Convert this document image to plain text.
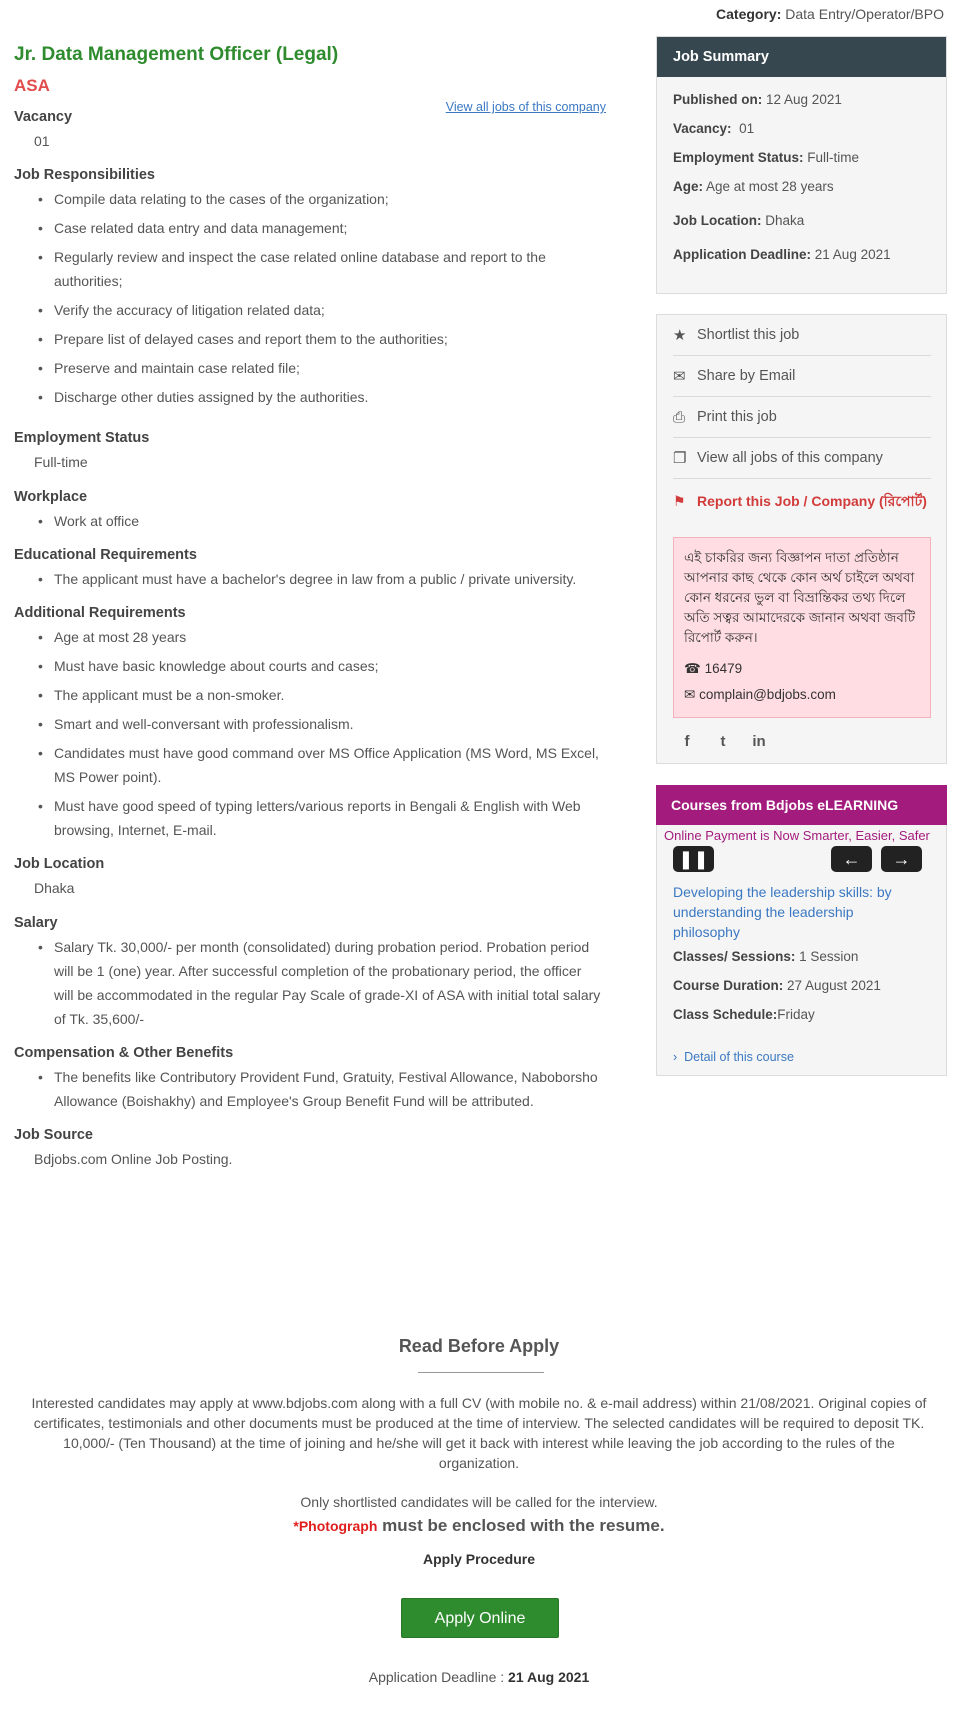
Category: Data Entry/Operator/BPO
Jr. Data Management Officer (Legal)
ASA
View all jobs of this company
Vacancy
01
Job Responsibilities
• Compile data relating to the cases of the organization;
• Case related data entry and data management;
• Regularly review and inspect the case related online database and report to the authorities;
• Verify the accuracy of litigation related data;
• Prepare list of delayed cases and report them to the authorities;
• Preserve and maintain case related file;
• Discharge other duties assigned by the authorities.
Employment Status
Full-time
Workplace
• Work at office
Educational Requirements
• The applicant must have a bachelor's degree in law from a public / private university.
Additional Requirements
• Age at most 28 years
• Must have basic knowledge about courts and cases;
• The applicant must be a non-smoker.
• Smart and well-conversant with professionalism.
• Candidates must have good command over MS Office Application (MS Word, MS Excel, MS Power point).
• Must have good speed of typing letters/various reports in Bengali & English with Web browsing, Internet, E-mail.
Job Location
Dhaka
Salary
• Salary Tk. 30,000/- per month (consolidated) during probation period. Probation period will be 1 (one) year. After successful completion of the probationary period, the officer will be accommodated in the regular Pay Scale of grade-XI of ASA with initial total salary of Tk. 35,600/-
Compensation & Other Benefits
• The benefits like Contributory Provident Fund, Gratuity, Festival Allowance, Naboborsho Allowance (Boishakhy) and Employee's Group Benefit Fund will be attributed.
Job Source
Bdjobs.com Online Job Posting.
Job Summary
Published on: 12 Aug 2021
Vacancy: 01
Employment Status: Full-time
Age: Age at most 28 years
Job Location: Dhaka
Application Deadline: 21 Aug 2021
★ Shortlist this job
✉ Share by Email
⎙ Print this job
❐ View all jobs of this company
⚑ Report this Job / Company (রিপোর্ট)
এই চাকরির জন্য বিজ্ঞাপন দাতা প্রতিষ্ঠান আপনার কাছ থেকে কোন অর্থ চাইলে অথবা কোন ধরনের ভুল বা বিভ্রান্তিকর তথ্য দিলে অতি সত্বর আমাদেরকে জানান অথবা জবটি রিপোর্ট করুন।
☎ 16479
✉ complain@bdjobs.com
f	t	in
Courses from Bdjobs eLEARNING
Online Payment is Now Smarter, Easier, Safer
❚❚	←	→
Developing the leadership skills: by understanding the leadership philosophy
Classes/ Sessions: 1 Session
Course Duration: 27 August 2021
Class Schedule:Friday
› Detail of this course
Read Before Apply
Interested candidates may apply at www.bdjobs.com along with a full CV (with mobile no. & e-mail address) within 21/08/2021. Original copies of certificates, testimonials and other documents must be produced at the time of interview. The selected candidates will be required to deposit TK. 10,000/- (Ten Thousand) at the time of joining and he/she will get it back with interest while leaving the job according to the rules of the organization.
Only shortlisted candidates will be called for the interview.
*Photograph must be enclosed with the resume.
Apply Procedure
Apply Online
Application Deadline : 21 Aug 2021
